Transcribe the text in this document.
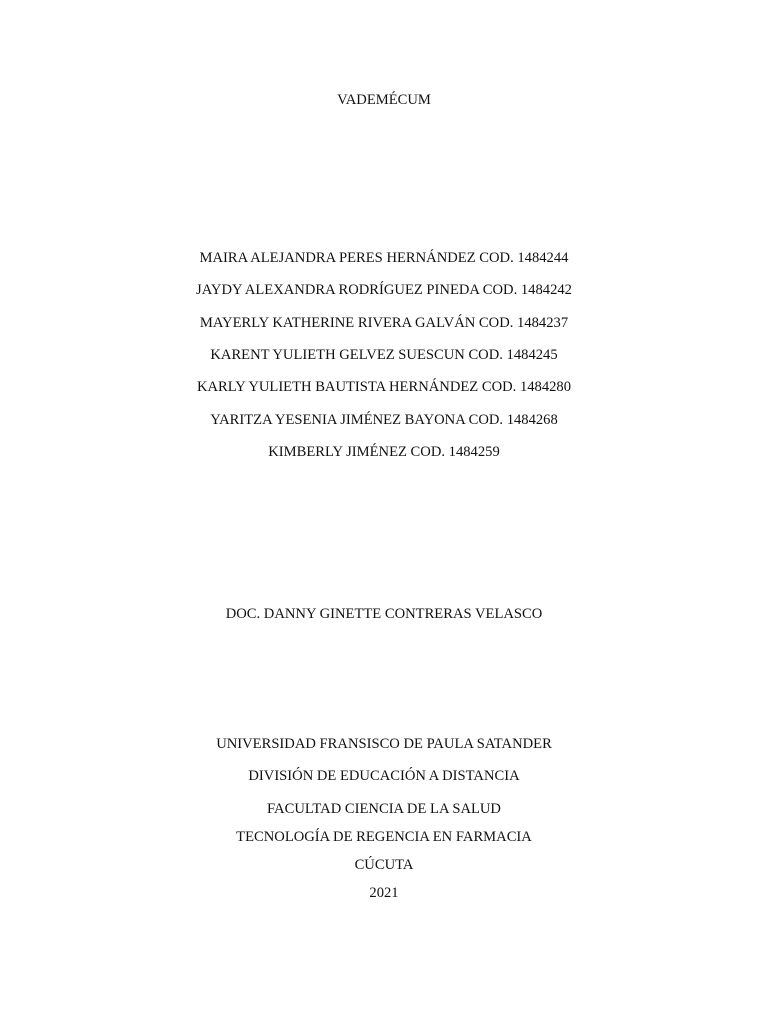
VADEMÉCUM
MAIRA ALEJANDRA PERES HERNÁNDEZ COD. 1484244
JAYDY ALEXANDRA RODRÍGUEZ PINEDA COD. 1484242
MAYERLY KATHERINE RIVERA GALVÁN COD. 1484237
KARENT YULIETH GELVEZ SUESCUN COD. 1484245
KARLY YULIETH BAUTISTA HERNÁNDEZ COD. 1484280
YARITZA YESENIA JIMÉNEZ BAYONA COD. 1484268
KIMBERLY JIMÉNEZ COD. 1484259
DOC. DANNY GINETTE CONTRERAS VELASCO
UNIVERSIDAD FRANSISCO DE PAULA SATANDER
DIVISIÓN DE EDUCACIÓN A DISTANCIA
FACULTAD CIENCIA DE LA SALUD
TECNOLOGÍA DE REGENCIA EN FARMACIA
CÚCUTA
2021
